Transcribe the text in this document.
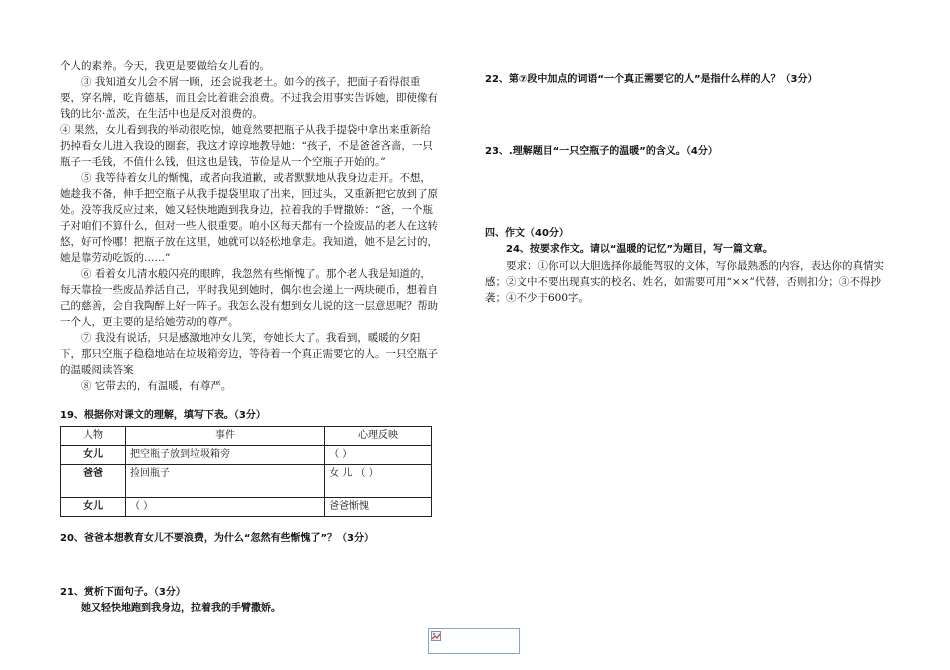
个人的素养。今天，我更是要做给女儿看的。

③ 我知道女儿会不屑一顾，还会说我老土。如今的孩子，把面子看得很重要，穿名牌，吃肯德基，而且会比着谁会浪费。不过我会用事实告诉她，即使像有钱的比尔·盖茨，在生活中也是反对浪费的。

④ 果然，女儿看到我的举动很吃惊，她竟然要把瓶子从我手提袋中拿出来重新给扔掉看女儿进入我设的圈套，我这才谆谆地教导她：“孩子，不是爸爸吝啬，一只瓶子一毛钱，不值什么钱，但这也是钱，节俭是从一个空瓶子开始的。”

⑤ 我等待着女儿的惭愧，或者向我道歉，或者默默地从我身边走开。不想，她趁我不备，伸手把空瓶子从我手提袋里取了出来，回过头，又重新把它放到了原处。没等我反应过来，她又轻快地跑到我身边，拉着我的手臂撒娇：“爸，一个瓶子对咱们不算什么，但对一些人很重要。咱小区每天都有一个捡废品的老人在这转悠，好可怜哪！把瓶子放在这里，她就可以轻松地拿走。我知道，她不是乞讨的，她是靠劳动吃饭的……”

⑥ 看着女儿清水般闪亮的眼眸，我忽然有些惭愧了。那个老人我是知道的，每天靠捡一些废品养活自己，平时我见到她时，偶尔也会递上一两块硬币，想着自己的慈善，会自我陶醉上好一阵子。我怎么没有想到女儿说的这一层意思呢？帮助一个人，更主要的是给她劳动的尊严。

⑦ 我没有说话，只是感激地冲女儿笑，夸她长大了。我看到，暖暖的夕阳下，那只空瓶子稳稳地站在垃圾箱旁边，等待着一个真正需要它的人。一只空瓶子的温暖阅读答案

⑧ 它带去的，有温暖，有尊严。

19、根据你对课文的理解，填写下表。（3分）

人物	事件	心理反映
女儿	把空瓶子放到垃圾箱旁	（ ）
爸爸	捡回瓶子	女 儿 （ ）
女儿	（ ）	爸爸惭愧

20、爸爸本想教育女儿不要浪费，为什么“忽然有些惭愧了”？（3分）

21、赏析下面句子。（3分）

她又轻快地跑到我身边，拉着我的手臂撒娇。

22、第⑦段中加点的词语“一个真正需要它的人”是指什么样的人？（3分）

23、.理解题目“一只空瓶子的温暖”的含义。（4分）

四、作文（40分）

24、按要求作文。请以“温暖的记忆”为题目，写一篇文章。

要求：①你可以大胆选择你最能驾驭的文体，写你最熟悉的内容，表达你的真情实感；②文中不要出现真实的校名、姓名，如需要可用“××”代替，否则扣分；③不得抄袭；④不少于600字。
